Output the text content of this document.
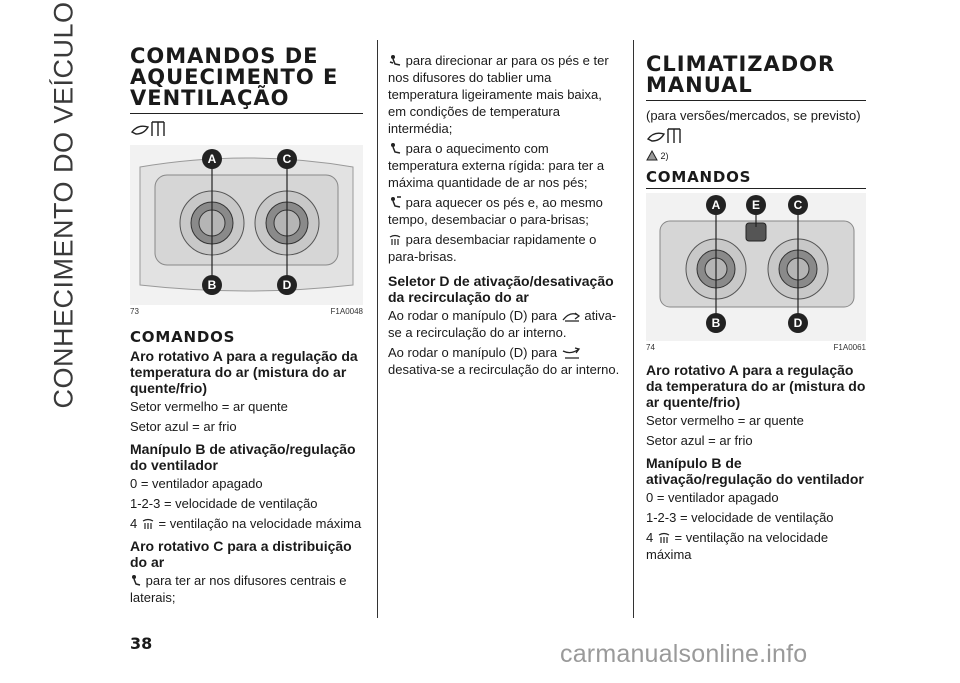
CONHECIMENTO DO VEÍCULO COMANDOS DE AQUECIMENTO E VENTILAÇÃO
A	C
B	D
73	F1A0048
COMANDOS
Aro rotativo A para a regulação da temperatura do ar (mistura do ar quente/frio)
Setor vermelho = ar quente
Setor azul = ar frio
Manípulo B de ativação/regulação do ventilador
0 = ventilador apagado
1-2-3 = velocidade de ventilação
4 = ventilação na velocidade máxima
Aro rotativo C para a distribuição do ar
para ter ar nos difusores centrais e laterais;
para direcionar ar para os pés e ter nos difusores do tablier uma temperatura ligeiramente mais baixa, em condições de temperatura intermédia;
para o aquecimento com temperatura externa rígida: para ter a máxima quantidade de ar nos pés;
para aquecer os pés e, ao mesmo tempo, desembaciar o para-brisas;
para desembaciar rapidamente o para-brisas.
Seletor D de ativação/desativação da recirculação do ar
Ao rodar o manípulo (D) para ativa-se a recirculação do ar interno.
Ao rodar o manípulo (D) para  desativa-se a recirculação do ar interno.
CLIMATIZADOR MANUAL
(para versões/mercados, se previsto)
2)
COMANDOS
A	E	C
B	D
74	F1A0061
Aro rotativo A para a regulação da temperatura do ar (mistura do ar quente/frio)
Setor vermelho = ar quente
Setor azul = ar frio
Manípulo B de ativação/regulação do ventilador
0 = ventilador apagado
1-2-3 = velocidade de ventilação
4 = ventilação na velocidade máxima
38	carmanualsonline.info
